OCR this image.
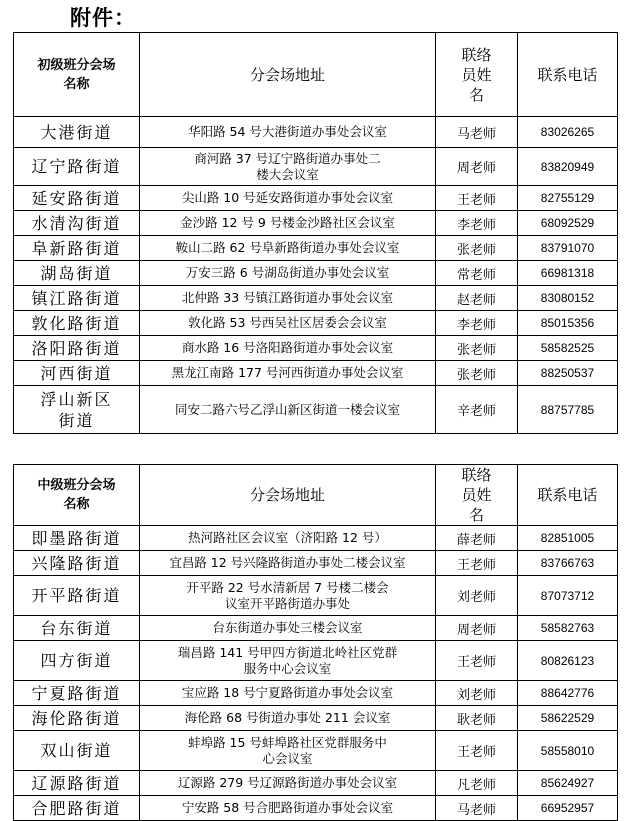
附件：
初级班分会场名称	分会场地址	联络员姓名	联系电话
大港街道	华阳路 54 号大港街道办事处会议室	马老师	83026265
辽宁路街道	商河路 37 号辽宁路街道办事处二楼大会议室	周老师	83820949
延安路街道	尖山路 10 号延安路街道办事处会议室	王老师	82755129
水清沟街道	金沙路 12 号 9 号楼金沙路社区会议室	李老师	68092529
阜新路街道	鞍山二路 62 号阜新路街道办事处会议室	张老师	83791070
湖岛街道	万安三路 6 号湖岛街道办事处会议室	常老师	66981318
镇江路街道	北仲路 33 号镇江路街道办事处会议室	赵老师	83080152
敦化路街道	敦化路 53 号西吴社区居委会会议室	李老师	85015356
洛阳路街道	商水路 16 号洛阳路街道办事处会议室	张老师	58582525
河西街道	黑龙江南路 177 号河西街道办事处会议室	张老师	88250537

浮山新区街道	同安二路六号乙浮山新区街道一楼会议室	辛老师	88757785
中级班分会场名称	分会场地址	联络员姓名	联系电话
即墨路街道	热河路社区会议室（济阳路 12 号）	薛老师	82851005
兴隆路街道	宜昌路 12 号兴隆路街道办事处二楼会议室	王老师	83766763
开平路街道	开平路 22 号水清新居 7 号楼二楼会议室开平路街道办事处	刘老师	87073712
台东街道	台东街道办事处三楼会议室	周老师	58582763
四方街道	瑞昌路 141 号甲四方街道北岭社区党群服务中心会议室	王老师	80826123
宁夏路街道	宝应路 18 号宁夏路街道办事处会议室	刘老师	88642776
海伦路街道	海伦路 68 号街道办事处 211 会议室	耿老师	58622529
双山街道	蚌埠路 15 号蚌埠路社区党群服务中心会议室	王老师	58558010
辽源路街道	辽源路 279 号辽源路街道办事处会议室	凡老师	85624927
合肥路街道	宁安路 58 号合肥路街道办事处会议室	马老师	66952957
